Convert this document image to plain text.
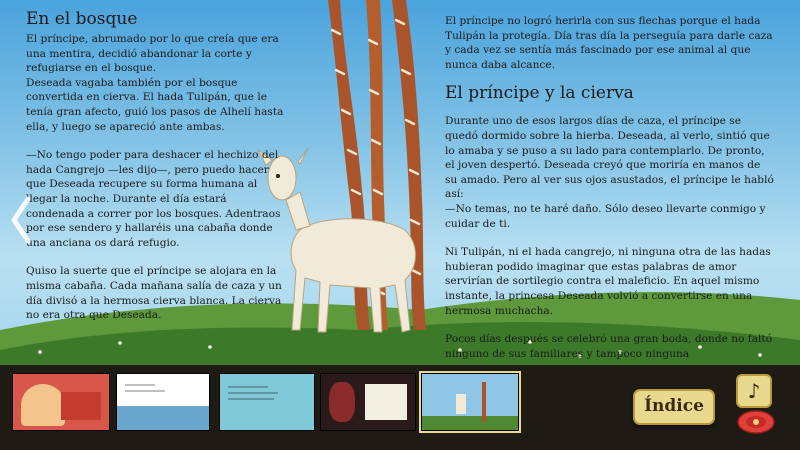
En el bosque

El príncipe, abrumado por lo que creía que era una mentira, decidió abandonar la corte y refugiarse en el bosque.

Deseada vagaba también por el bosque convertida en cierva. El hada Tulipán, que le tenía gran afecto, guió los pasos de Alhelí hasta ella, y luego se apareció ante ambas.

—No tengo poder para deshacer el hechizo del hada Cangrejo —les dijo—, pero puedo hacer que Deseada recupere su forma humana al llegar la noche. Durante el día estará condenada a correr por los bosques. Adentraos por ese sendero y hallaréis una cabaña donde una anciana os dará refugio.

Quiso la suerte que el príncipe se alojara en la misma cabaña. Cada mañana salía de caza y un día divisó a la hermosa cierva blanca. La cierva no era otra que Deseada.

El príncipe no logró herirla con sus flechas porque el hada Tulipán la protegía. Día tras día la perseguía para darle caza y cada vez se sentía más fascinado por ese animal al que nunca daba alcance.

El príncipe y la cierva

Durante uno de esos largos días de caza, el príncipe se quedó dormido sobre la hierba. Deseada, al verlo, sintió que lo amaba y se puso a su lado para contemplarlo. De pronto, el joven despertó. Deseada creyó que moriría en manos de su amado. Pero al ver sus ojos asustados, el príncipe le habló así:

—No temas, no te haré daño. Sólo deseo llevarte conmigo y cuidar de ti.

Ni Tulipán, ni el hada cangrejo, ni ninguna otra de las hadas hubieran podido imaginar que estas palabras de amor servirían de sortilegio contra el maleficio. En aquel mismo instante, la princesa Deseada volvió a convertirse en una hermosa muchacha.

Pocos días después se celebró una gran boda, donde no faltó ninguno de sus familiares y tampoco ninguna

Índice
♪
